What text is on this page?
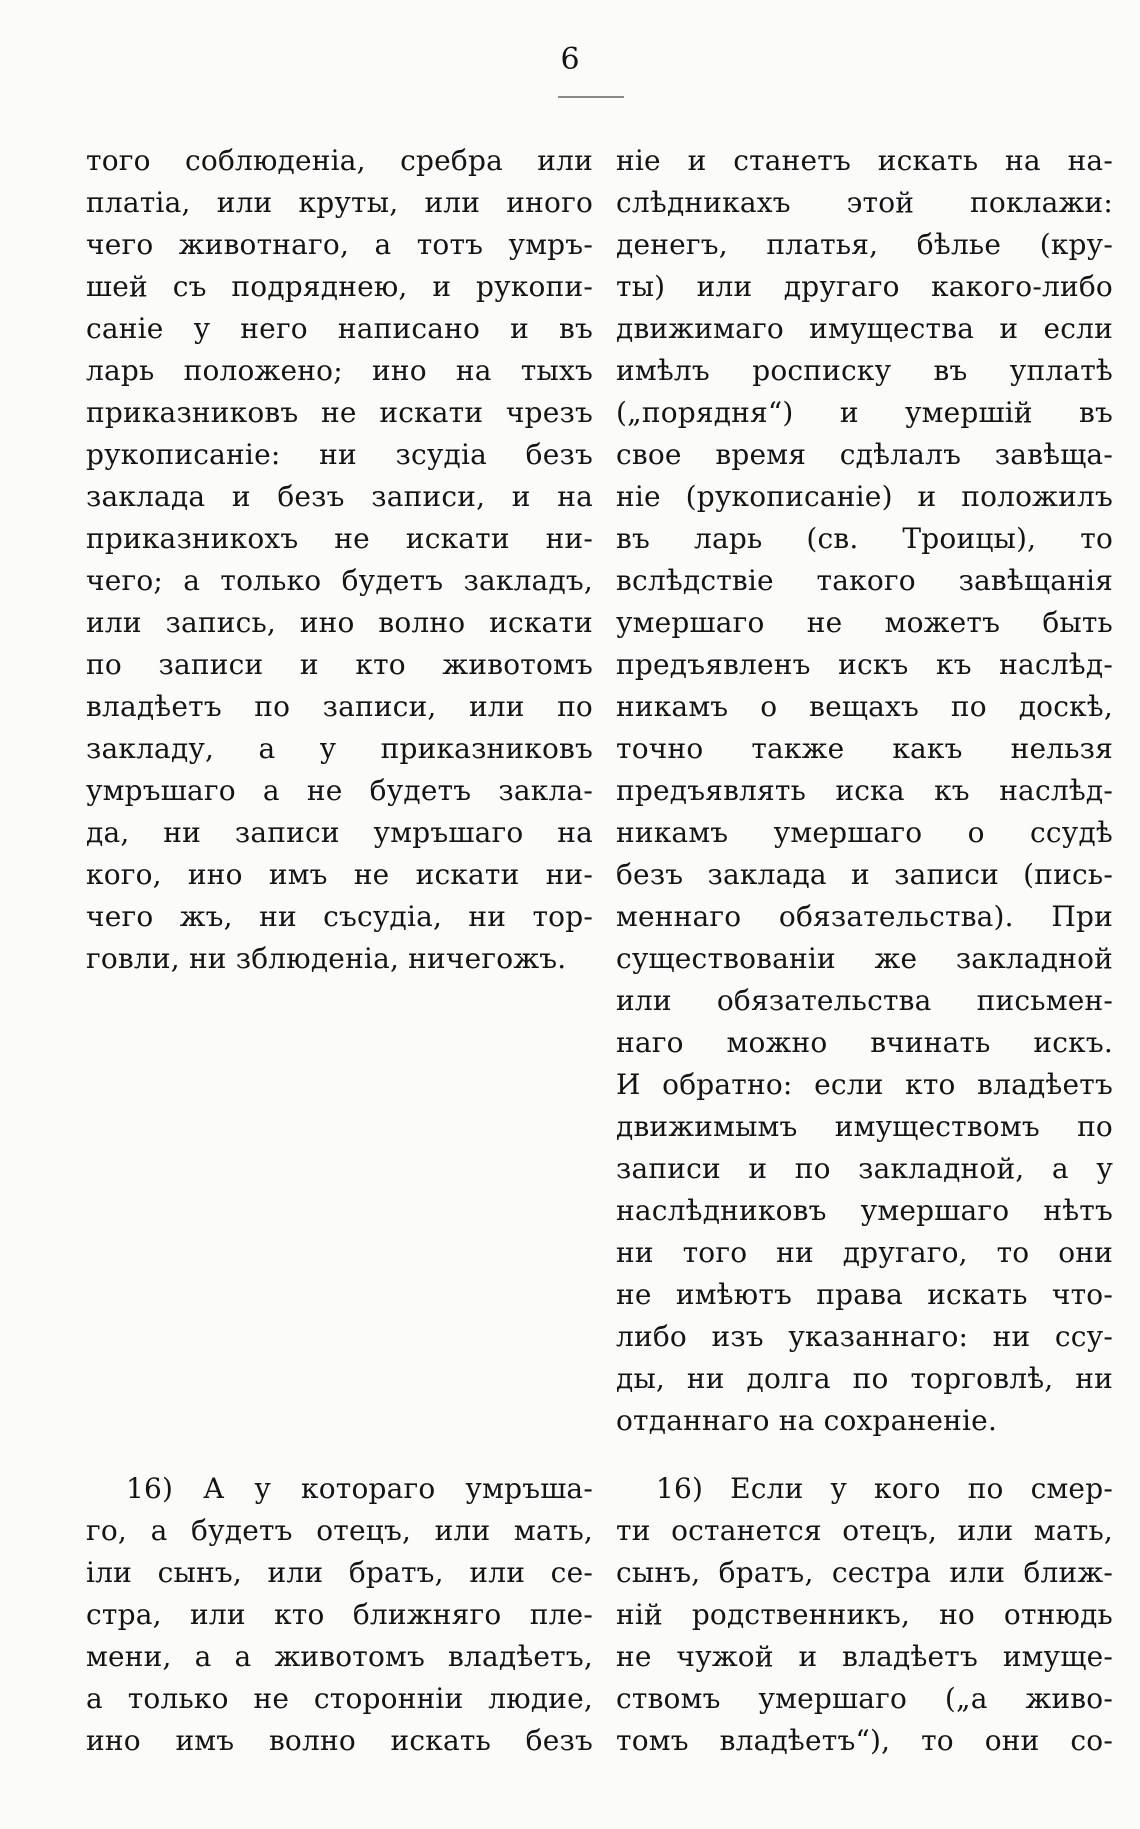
6
того соблюденіа, сребра или
платіа, или круты, или иного
чего животнаго, а тотъ умръ-
шей съ подряднею, и рукопи-
саніе у него написано и въ
ларь положено; ино на тыхъ
приказниковъ не искати чрезъ
рукописаніе: ни зсудіа безъ
заклада и безъ записи, и на
приказникохъ не искати ни-
чего; а только будетъ закладъ,
или запись, ино волно искати
по записи и кто животомъ
владѣетъ по записи, или по
закладу, а у приказниковъ
умръшаго а не будетъ закла-
да, ни записи умръшаго на
кого, ино имъ не искати ни-
чего жъ, ни съсудіа, ни тор-
говли, ни зблюденіа, ничегожъ.
ніе и станетъ искать на на-
слѣдникахъ этой поклажи:
денегъ, платья, бѣлье (кру-
ты) или другаго какого-либо
движимаго имущества и если
имѣлъ росписку въ уплатѣ
(„порядня“) и умершій въ
свое время сдѣлалъ завѣща-
ніе (рукописаніе) и положилъ
въ ларь (св. Троицы), то
вслѣдствіе такого завѣщанія
умершаго не можетъ быть
предъявленъ искъ къ наслѣд-
никамъ о вещахъ по доскѣ,
точно также какъ нельзя
предъявлять иска къ наслѣд-
никамъ умершаго о ссудѣ
безъ заклада и записи (пись-
меннаго обязательства). При
существованіи же закладной
или обязательства письмен-
наго можно вчинать искъ.
И обратно: если кто владѣетъ
движимымъ имуществомъ по
записи и по закладной, а у
наслѣдниковъ умершаго нѣтъ
ни того ни другаго, то они
не имѣютъ права искать что-
либо изъ указаннаго: ни ссу-
ды, ни долга по торговлѣ, ни
отданнаго на сохраненіе.
16) А у котораго умръша-
го, а будетъ отецъ, или мать,
іли сынъ, или братъ, или се-
стра, или кто ближняго пле-
мени, а а животомъ владѣетъ,
а только не сторонніи людие,
ино имъ волно искать безъ
16) Если у кого по смер-
ти останется отецъ, или мать,
сынъ, братъ, сестра или ближ-
ній родственникъ, но отнюдь
не чужой и владѣетъ имуще-
ствомъ умершаго („а живо-
томъ владѣетъ“), то они со-
